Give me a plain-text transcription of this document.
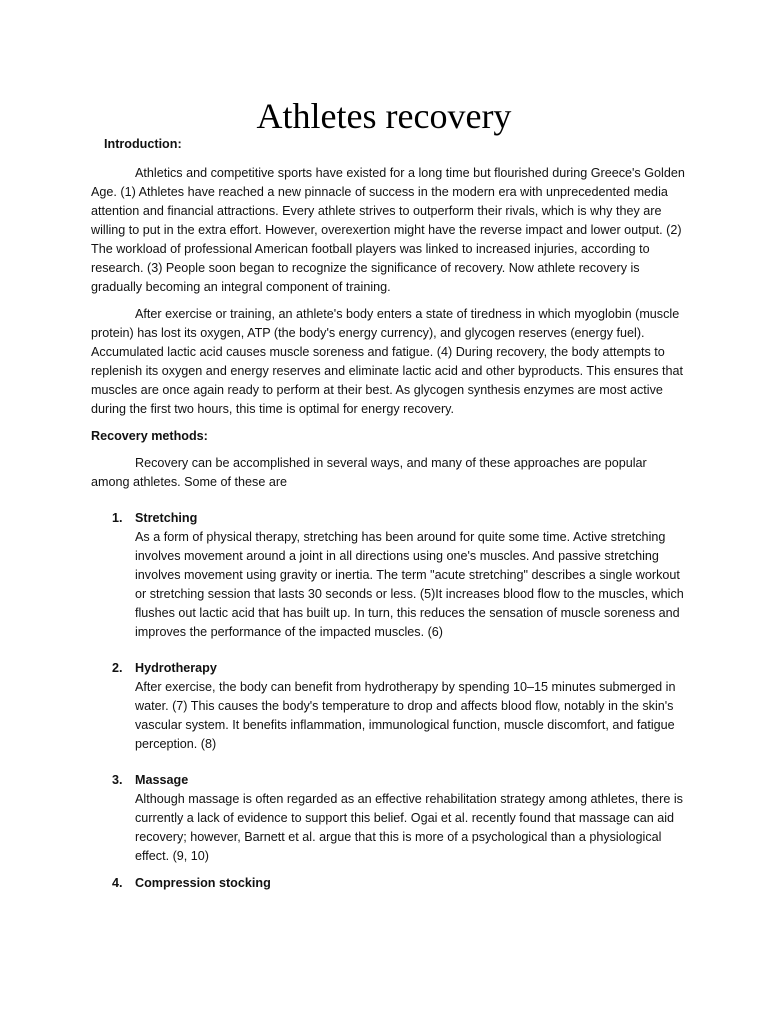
Athletes recovery

Introduction:

Athletics and competitive sports have existed for a long time but flourished during Greece's Golden Age. (1) Athletes have reached a new pinnacle of success in the modern era with unprecedented media attention and financial attractions. Every athlete strives to outperform their rivals, which is why they are willing to put in the extra effort. However, overexertion might have the reverse impact and lower output. (2) The workload of professional American football players was linked to increased injuries, according to research. (3) People soon began to recognize the significance of recovery. Now athlete recovery is gradually becoming an integral component of training.

After exercise or training, an athlete's body enters a state of tiredness in which myoglobin (muscle protein) has lost its oxygen, ATP (the body's energy currency), and glycogen reserves (energy fuel). Accumulated lactic acid causes muscle soreness and fatigue. (4) During recovery, the body attempts to replenish its oxygen and energy reserves and eliminate lactic acid and other byproducts. This ensures that muscles are once again ready to perform at their best. As glycogen synthesis enzymes are most active during the first two hours, this time is optimal for energy recovery.

Recovery methods:

Recovery can be accomplished in several ways, and many of these approaches are popular among athletes. Some of these are

1. Stretching
As a form of physical therapy, stretching has been around for quite some time. Active stretching involves movement around a joint in all directions using one's muscles. And passive stretching involves movement using gravity or inertia. The term "acute stretching" describes a single workout or stretching session that lasts 30 seconds or less. (5)It increases blood flow to the muscles, which flushes out lactic acid that has built up. In turn, this reduces the sensation of muscle soreness and improves the performance of the impacted muscles. (6)
2. Hydrotherapy
After exercise, the body can benefit from hydrotherapy by spending 10–15 minutes submerged in water. (7) This causes the body's temperature to drop and affects blood flow, notably in the skin's vascular system. It benefits inflammation, immunological function, muscle discomfort, and fatigue perception. (8)
3. Massage
Although massage is often regarded as an effective rehabilitation strategy among athletes, there is currently a lack of evidence to support this belief. Ogai et al. recently found that massage can aid recovery; however, Barnett et al. argue that this is more of a psychological than a physiological effect. (9, 10)
4. Compression stocking
